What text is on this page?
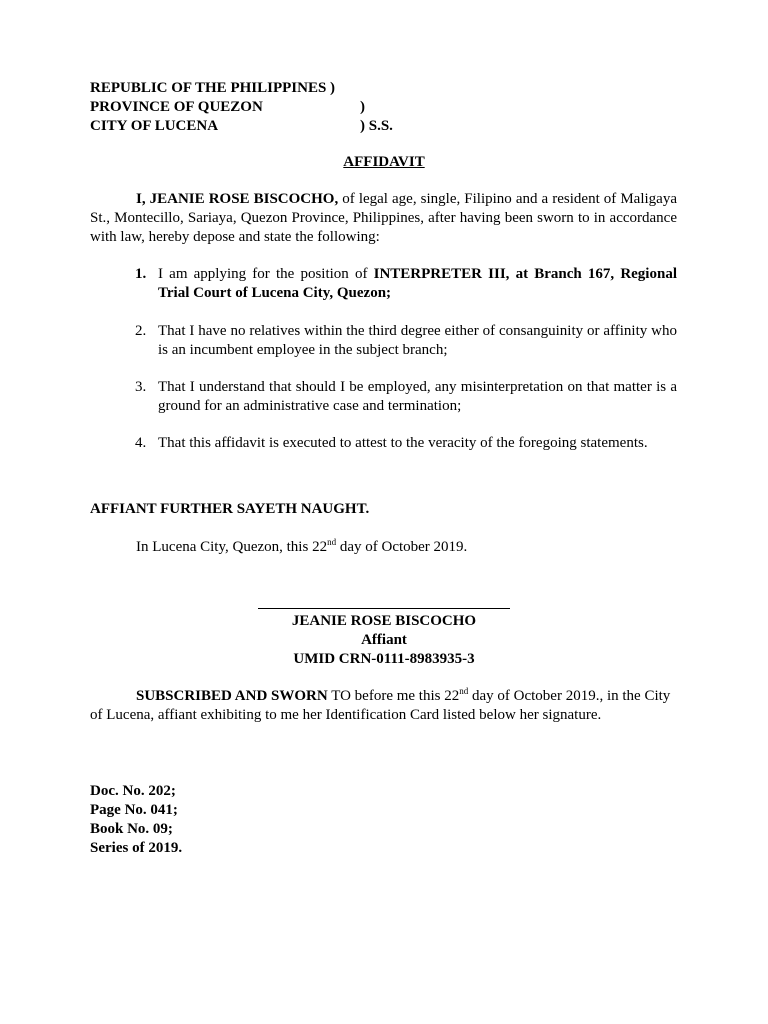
REPUBLIC OF THE PHILIPPINES )
PROVINCE OF QUEZON	)
CITY OF LUCENA	) S.S.
AFFIDAVIT
I, JEANIE ROSE BISCOCHO, of legal age, single, Filipino and a resident of Maligaya St., Montecillo, Sariaya, Quezon Province, Philippines, after having been sworn to in accordance with law, hereby depose and state the following:
1. I am applying for the position of INTERPRETER III, at Branch 167, Regional Trial Court of Lucena City, Quezon;
2. That I have no relatives within the third degree either of consanguinity or affinity who is an incumbent employee in the subject branch;
3. That I understand that should I be employed, any misinterpretation on that matter is a ground for an administrative case and termination;
4. That this affidavit is executed to attest to the veracity of the foregoing statements.
AFFIANT FURTHER SAYETH NAUGHT.
In Lucena City, Quezon, this 22nd day of October 2019.
JEANIE ROSE BISCOCHO
Affiant
UMID CRN-0111-8983935-3
SUBSCRIBED AND SWORN TO before me this 22nd day of October 2019., in the City of Lucena, affiant exhibiting to me her Identification Card listed below her signature.
Doc. No. 202;
Page No. 041;
Book No. 09;
Series of 2019.
